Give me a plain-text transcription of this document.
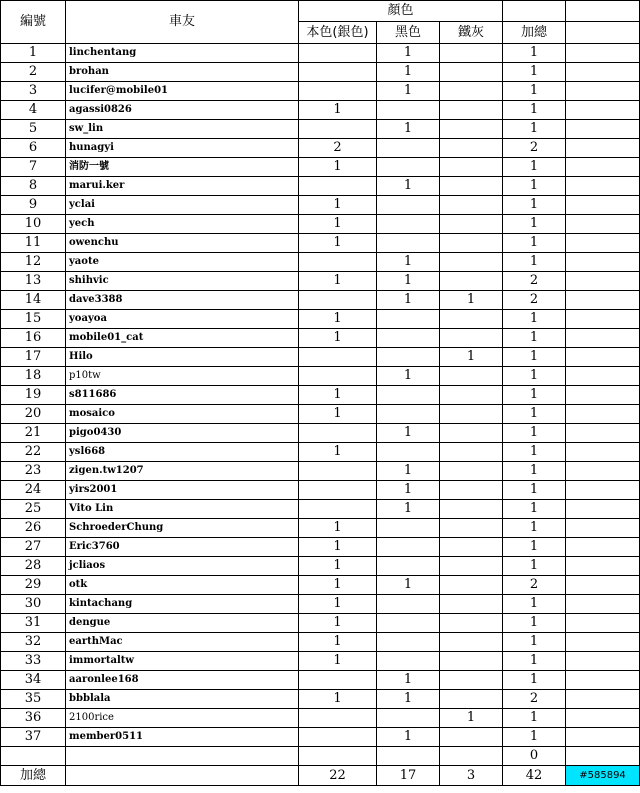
編號	車友	顏色				
		本色(銀色)	黑色	鐵灰	加總	
1	linchentang		1		1	
2	brohan		1		1	
3	lucifer@mobile01		1		1	
4	agassi0826	1			1	
5	sw_lin		1		1	
6	hunagyi	2			2	
7	消防一號	1			1	
8	marui.ker		1		1	
9	yclai	1			1	
10	yech	1			1	
11	owenchu	1			1	
12	yaote		1		1	
13	shihvic	1	1		2	
14	dave3388		1	1	2	
15	yoayoa	1			1	
16	mobile01_cat	1			1	
17	Hilo			1	1	
18	p10tw		1		1	
19	s811686	1			1	
20	mosaico	1			1	
21	pigo0430		1		1	
22	ysl668	1			1	
23	zigen.tw1207		1		1	
24	yirs2001		1		1	
25	Vito Lin		1		1	
26	SchroederChung	1			1	
27	Eric3760	1			1	
28	jcliaos	1			1	
29	otk	1	1		2	
30	kintachang	1			1	
31	dengue	1			1	
32	earthMac	1			1	
33	immortaltw	1			1	
34	aaronlee168		1		1	
35	bbblala	1	1		2	
36	2100rice			1	1	
37	member0511		1		1	
					0	
加總		22	17	3	42	#585894
